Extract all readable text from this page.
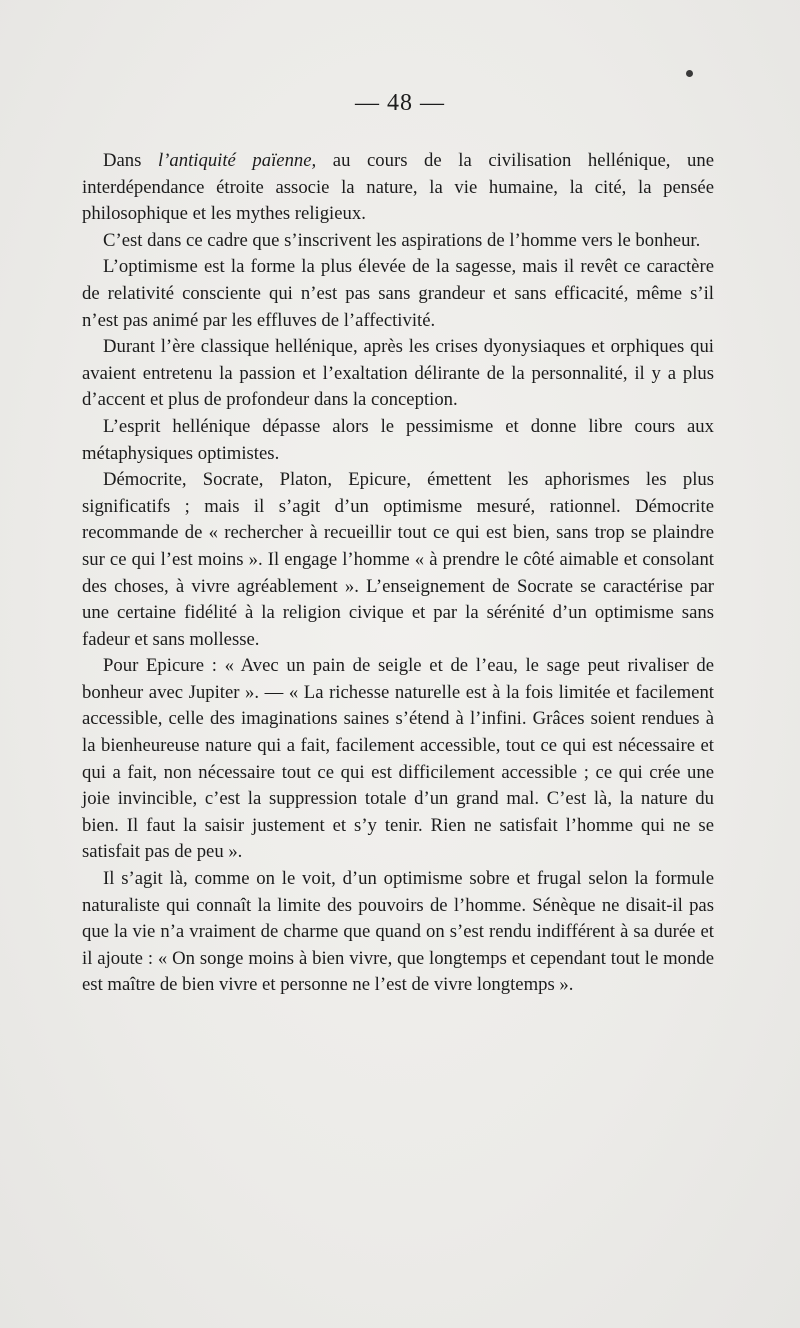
— 48 —

Dans l’antiquité païenne, au cours de la civilisation hellénique, une interdépendance étroite associe la nature, la vie humaine, la cité, la pensée philosophique et les mythes religieux.

C’est dans ce cadre que s’inscrivent les aspirations de l’homme vers le bonheur.

L’optimisme est la forme la plus élevée de la sagesse, mais il revêt ce caractère de relativité consciente qui n’est pas sans grandeur et sans efficacité, même s’il n’est pas animé par les effluves de l’affectivité.

Durant l’ère classique hellénique, après les crises dyonysiaques et orphiques qui avaient entretenu la passion et l’exaltation délirante de la personnalité, il y a plus d’accent et plus de profondeur dans la conception.

L’esprit hellénique dépasse alors le pessimisme et donne libre cours aux métaphysiques optimistes.

Démocrite, Socrate, Platon, Epicure, émettent les aphorismes les plus significatifs ; mais il s’agit d’un optimisme mesuré, rationnel. Démocrite recommande de « rechercher à recueillir tout ce qui est bien, sans trop se plaindre sur ce qui l’est moins ». Il engage l’homme « à prendre le côté aimable et consolant des choses, à vivre agréablement ». L’enseignement de Socrate se caractérise par une certaine fidélité à la religion civique et par la sérénité d’un optimisme sans fadeur et sans mollesse.

Pour Epicure : « Avec un pain de seigle et de l’eau, le sage peut rivaliser de bonheur avec Jupiter ». — « La richesse naturelle est à la fois limitée et facilement accessible, celle des imaginations saines s’étend à l’infini. Grâces soient rendues à la bienheureuse nature qui a fait, facilement accessible, tout ce qui est nécessaire et qui a fait, non nécessaire tout ce qui est difficilement accessible ; ce qui crée une joie invincible, c’est la suppression totale d’un grand mal. C’est là, la nature du bien. Il faut la saisir justement et s’y tenir. Rien ne satisfait l’homme qui ne se satisfait pas de peu ».

Il s’agit là, comme on le voit, d’un optimisme sobre et frugal selon la formule naturaliste qui connaît la limite des pouvoirs de l’homme. Sénèque ne disait-il pas que la vie n’a vraiment de charme que quand on s’est rendu indifférent à sa durée et il ajoute : « On songe moins à bien vivre, que longtemps et cependant tout le monde est maître de bien vivre et personne ne l’est de vivre longtemps ».
